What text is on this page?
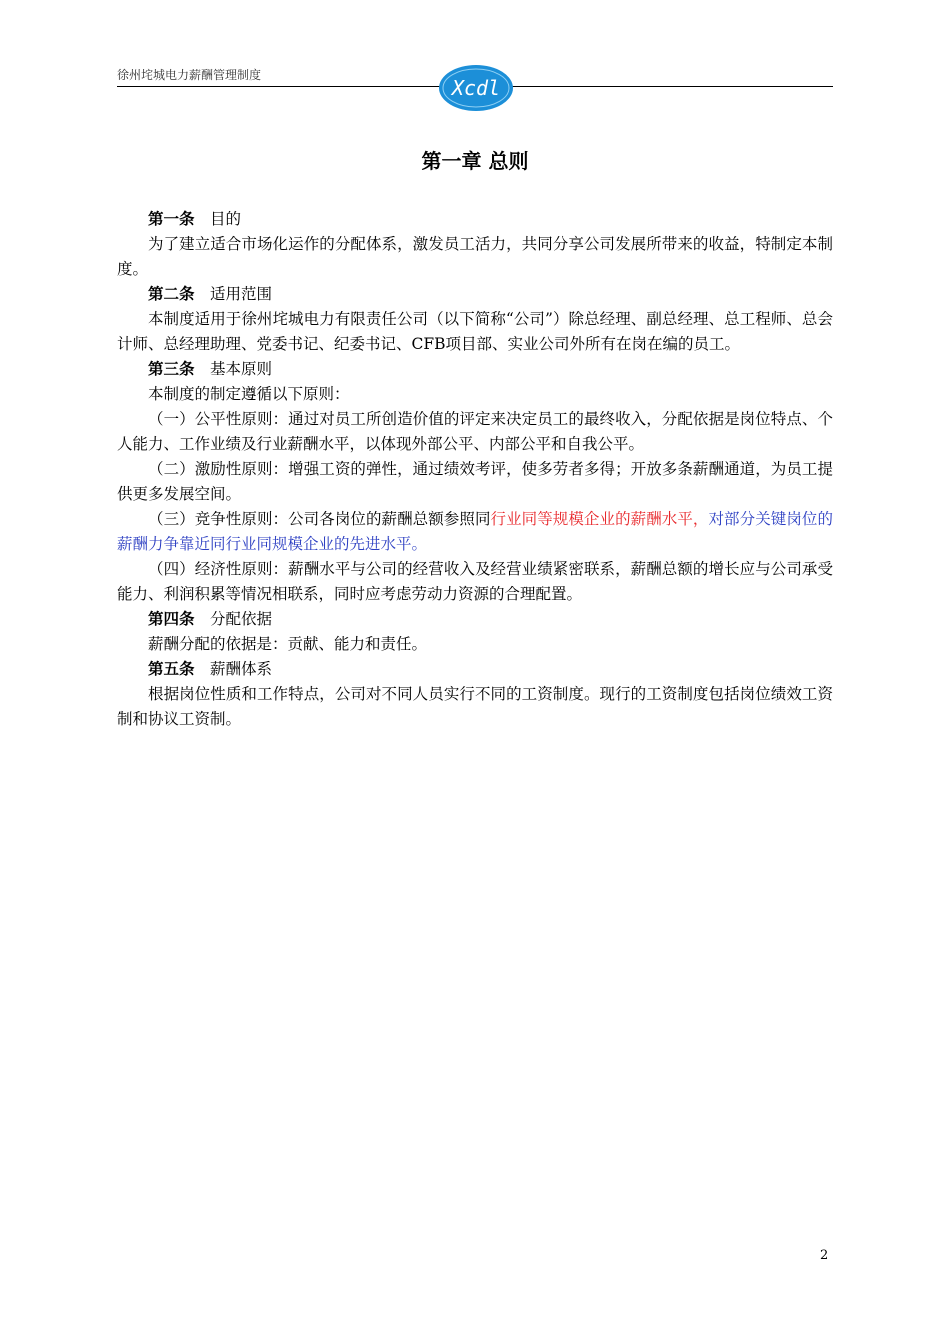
徐州垞城电力薪酬管理制度
Xcdl
第一章 总则

第一条 目的

为了建立适合市场化运作的分配体系，激发员工活力，共同分享公司发展所带来的收益，特制定本制度。

第二条 适用范围

本制度适用于徐州垞城电力有限责任公司（以下简称“公司”）除总经理、副总经理、总工程师、总会计师、总经理助理、党委书记、纪委书记、CFB项目部、实业公司外所有在岗在编的员工。

第三条 基本原则

本制度的制定遵循以下原则：

（一）公平性原则：通过对员工所创造价值的评定来决定员工的最终收入，分配依据是岗位特点、个人能力、工作业绩及行业薪酬水平，以体现外部公平、内部公平和自我公平。

（二）激励性原则：增强工资的弹性，通过绩效考评，使多劳者多得；开放多条薪酬通道，为员工提供更多发展空间。

（三）竞争性原则：公司各岗位的薪酬总额参照同行业同等规模企业的薪酬水平，对部分关键岗位的薪酬力争靠近同行业同规模企业的先进水平。

（四）经济性原则：薪酬水平与公司的经营收入及经营业绩紧密联系，薪酬总额的增长应与公司承受能力、利润积累等情况相联系，同时应考虑劳动力资源的合理配置。

第四条 分配依据

薪酬分配的依据是：贡献、能力和责任。

第五条 薪酬体系

根据岗位性质和工作特点，公司对不同人员实行不同的工资制度。现行的工资制度包括岗位绩效工资制和协议工资制。

2
